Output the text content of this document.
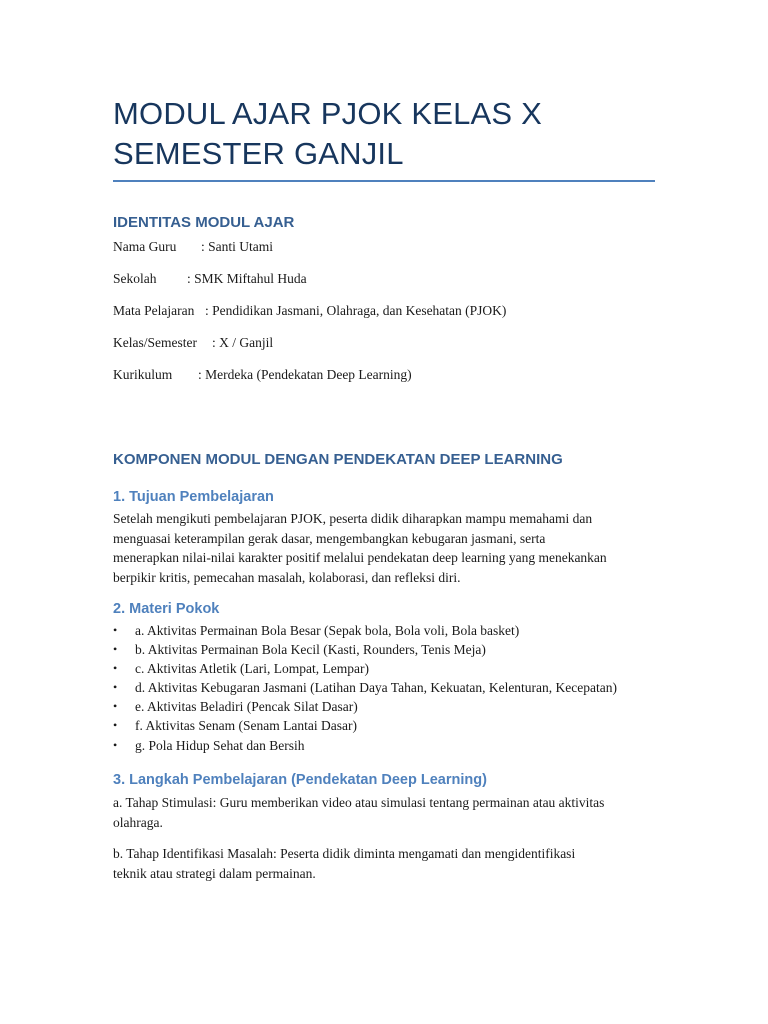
MODUL AJAR PJOK KELAS X SEMESTER GANJIL
IDENTITAS MODUL AJAR
Nama Guru : Santi Utami
Sekolah : SMK Miftahul Huda
Mata Pelajaran : Pendidikan Jasmani, Olahraga, dan Kesehatan (PJOK)
Kelas/Semester : X / Ganjil
Kurikulum : Merdeka (Pendekatan Deep Learning)
KOMPONEN MODUL DENGAN PENDEKATAN DEEP LEARNING
1. Tujuan Pembelajaran
Setelah mengikuti pembelajaran PJOK, peserta didik diharapkan mampu memahami dan
menguasai keterampilan gerak dasar, mengembangkan kebugaran jasmani, serta
menerapkan nilai-nilai karakter positif melalui pendekatan deep learning yang menekankan
berpikir kritis, pemecahan masalah, kolaborasi, dan refleksi diri.
2. Materi Pokok
• a. Aktivitas Permainan Bola Besar (Sepak bola, Bola voli, Bola basket)
• b. Aktivitas Permainan Bola Kecil (Kasti, Rounders, Tenis Meja)
• c. Aktivitas Atletik (Lari, Lompat, Lempar)
• d. Aktivitas Kebugaran Jasmani (Latihan Daya Tahan, Kekuatan, Kelenturan, Kecepatan)
• e. Aktivitas Beladiri (Pencak Silat Dasar)
• f. Aktivitas Senam (Senam Lantai Dasar)
• g. Pola Hidup Sehat dan Bersih
3. Langkah Pembelajaran (Pendekatan Deep Learning)
a. Tahap Stimulasi: Guru memberikan video atau simulasi tentang permainan atau aktivitas
olahraga.
b. Tahap Identifikasi Masalah: Peserta didik diminta mengamati dan mengidentifikasi
teknik atau strategi dalam permainan.
